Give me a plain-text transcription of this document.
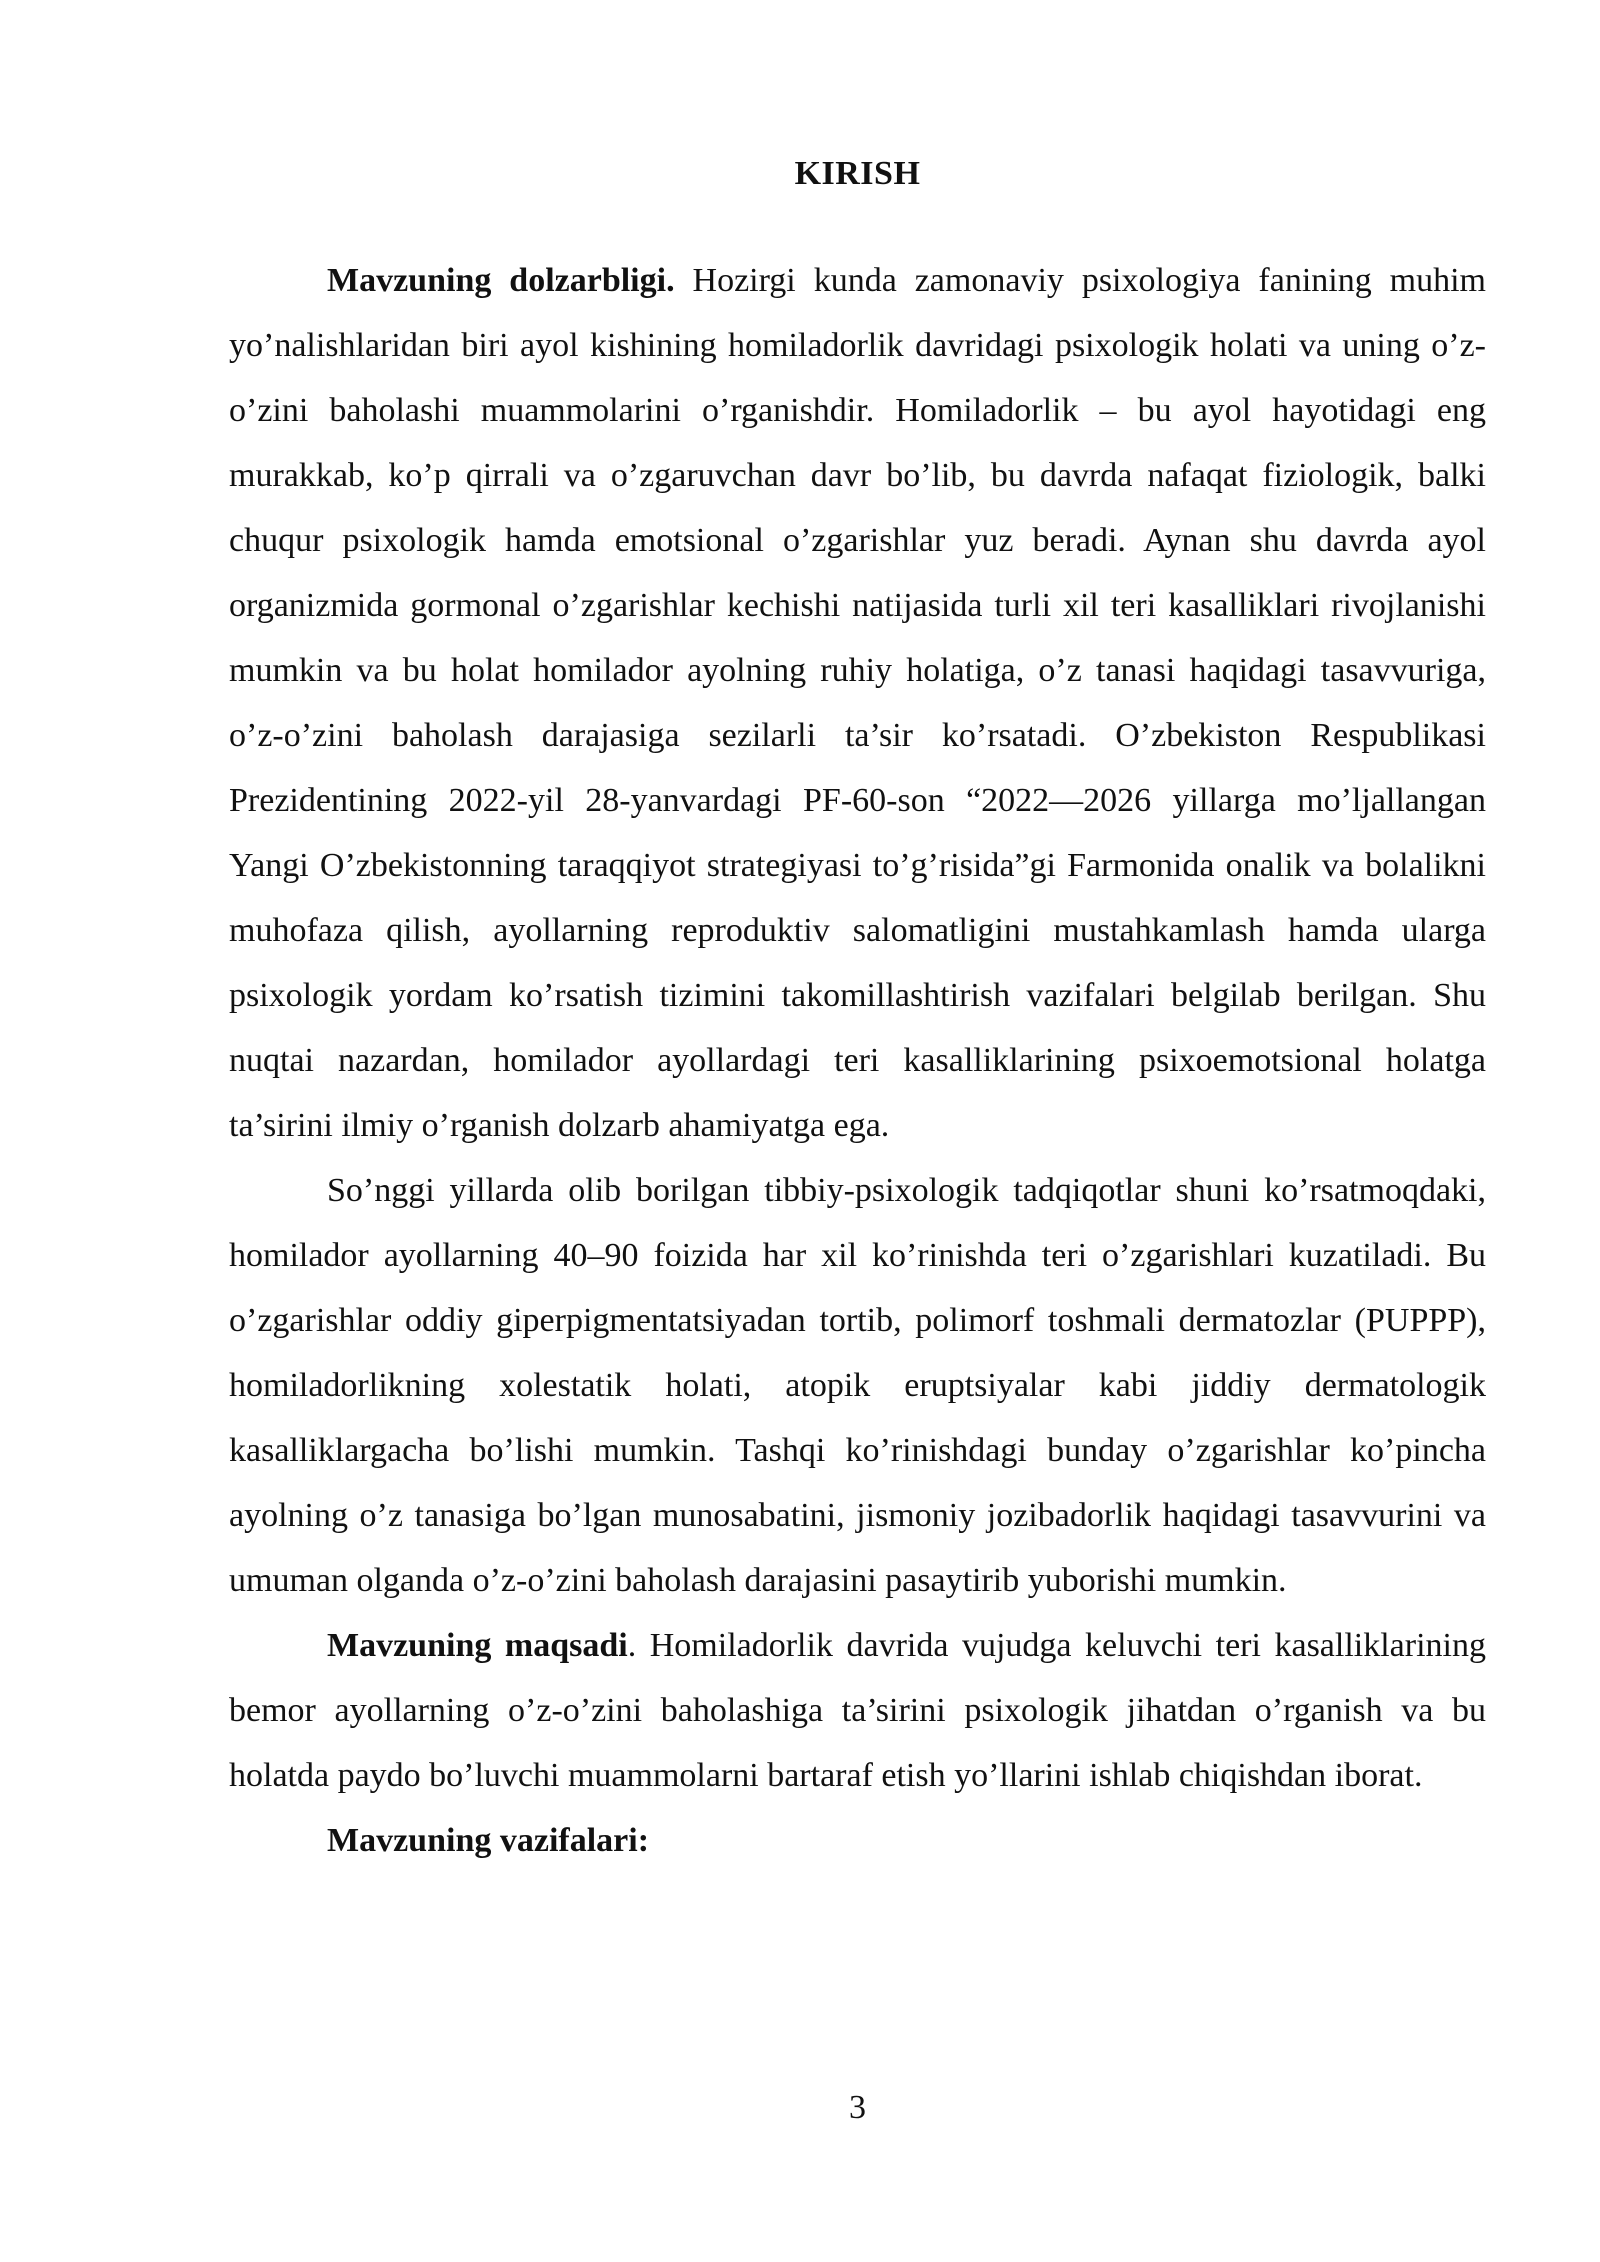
KIRISH

Mavzuning dolzarbligi. Hozirgi kunda zamonaviy psixologiya fanining muhim yo’nalishlaridan biri ayol kishining homiladorlik davridagi psixologik holati va uning o’z-o’zini baholashi muammolarini o’rganishdir. Homiladorlik – bu ayol hayotidagi eng murakkab, ko’p qirrali va o’zgaruvchan davr bo’lib, bu davrda nafaqat fiziologik, balki chuqur psixologik hamda emotsional o’zgarishlar yuz beradi. Aynan shu davrda ayol organizmida gormonal o’zgarishlar kechishi natijasida turli xil teri kasalliklari rivojlanishi mumkin va bu holat homilador ayolning ruhiy holatiga, o’z tanasi haqidagi tasavvuriga, o’z-o’zini baholash darajasiga sezilarli ta’sir ko’rsatadi. O’zbekiston Respublikasi Prezidentining 2022-yil 28-yanvardagi PF-60-son “2022—2026 yillarga mo’ljallangan Yangi O’zbekistonning taraqqiyot strategiyasi to’g’risida”gi Farmonida onalik va bolalikni muhofaza qilish, ayollarning reproduktiv salomatligini mustahkamlash hamda ularga psixologik yordam ko’rsatish tizimini takomillashtirish vazifalari belgilab berilgan. Shu nuqtai nazardan, homilador ayollardagi teri kasalliklarining psixoemotsional holatga ta’sirini ilmiy o’rganish dolzarb ahamiyatga ega.

So’nggi yillarda olib borilgan tibbiy-psixologik tadqiqotlar shuni ko’rsatmoqdaki, homilador ayollarning 40–90 foizida har xil ko’rinishda teri o’zgarishlari kuzatiladi. Bu o’zgarishlar oddiy giperpigmentatsiyadan tortib, polimorf toshmali dermatozlar (PUPPP), homiladorlikning xolestatik holati, atopik eruptsiyalar kabi jiddiy dermatologik kasalliklargacha bo’lishi mumkin. Tashqi ko’rinishdagi bunday o’zgarishlar ko’pincha ayolning o’z tanasiga bo’lgan munosabatini, jismoniy jozibadorlik haqidagi tasavvurini va umuman olganda o’z-o’zini baholash darajasini pasaytirib yuborishi mumkin.

Mavzuning maqsadi. Homiladorlik davrida vujudga keluvchi teri kasalliklarining bemor ayollarning o’z-o’zini baholashiga ta’sirini psixologik jihatdan o’rganish va bu holatda paydo bo’luvchi muammolarni bartaraf etish yo’llarini ishlab chiqishdan iborat.

Mavzuning vazifalari:

3
